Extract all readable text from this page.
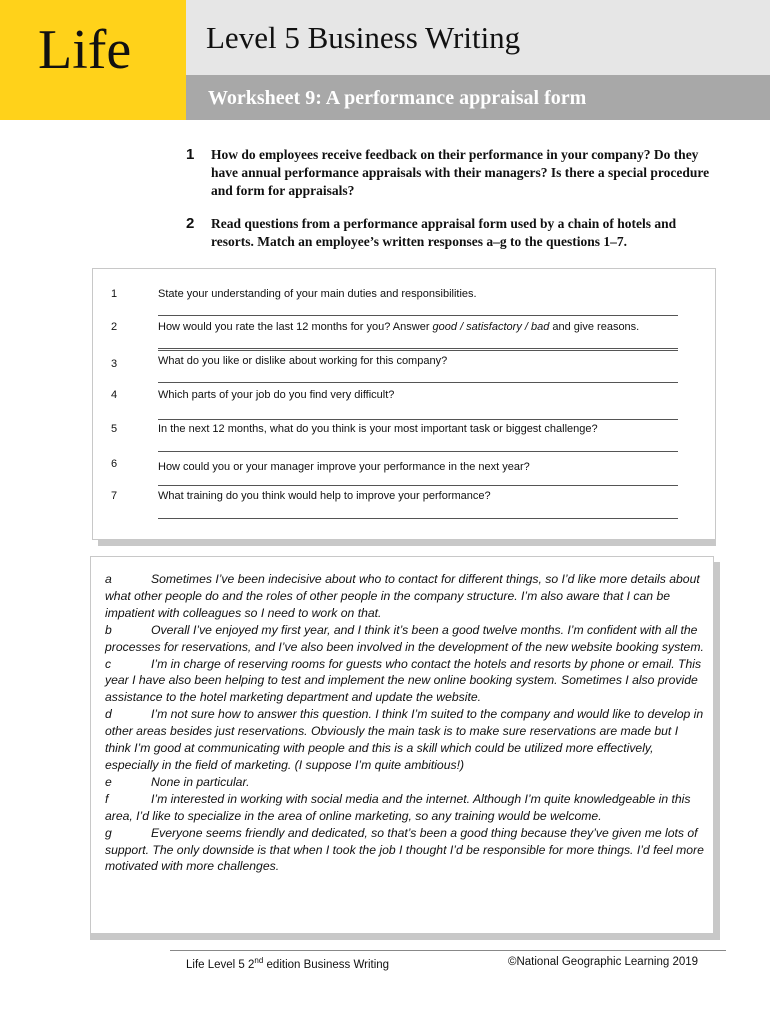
Life Level 5 Business Writing
Worksheet 9: A performance appraisal form
1 How do employees receive feedback on their performance in your company? Do they have annual performance appraisals with their managers? Is there a special procedure and form for appraisals?
2 Read questions from a performance appraisal form used by a chain of hotels and resorts. Match an employee’s written responses a–g to the questions 1–7.
1	State your understanding of your main duties and responsibilities.
2	How would you rate the last 12 months for you? Answer good / satisfactory / bad and give reasons.
3	What do you like or dislike about working for this company?
4	Which parts of your job do you find very difficult?
5	In the next 12 months, what do you think is your most important task or biggest challenge?
6	How could you or your manager improve your performance in the next year?
7	What training do you think would help to improve your performance?
a	Sometimes I’ve been indecisive about who to contact for different things, so I’d like more details about what other people do and the roles of other people in the company structure. I’m also aware that I can be impatient with colleagues so I need to work on that.
b	Overall I’ve enjoyed my first year, and I think it’s been a good twelve months. I’m confident with all the processes for reservations, and I’ve also been involved in the development of the new website booking system.
c	I’m in charge of reserving rooms for guests who contact the hotels and resorts by phone or email. This year I have also been helping to test and implement the new online booking system. Sometimes I also provide assistance to the hotel marketing department and update the website.
d	I’m not sure how to answer this question. I think I’m suited to the company and would like to develop in other areas besides just reservations. Obviously the main task is to make sure reservations are made but I think I’m good at communicating with people and this is a skill which could be utilized more effectively, especially in the field of marketing. (I suppose I’m quite ambitious!)
e	None in particular.
f	I’m interested in working with social media and the internet. Although I’m quite knowledgeable in this area, I’d like to specialize in the area of online marketing, so any training would be welcome.
g	Everyone seems friendly and dedicated, so that’s been a good thing because they’ve given me lots of support. The only downside is that when I took the job I thought I’d be responsible for more things. I’d feel more motivated with more challenges.
Life Level 5 2nd edition Business Writing	©National Geographic Learning 2019
